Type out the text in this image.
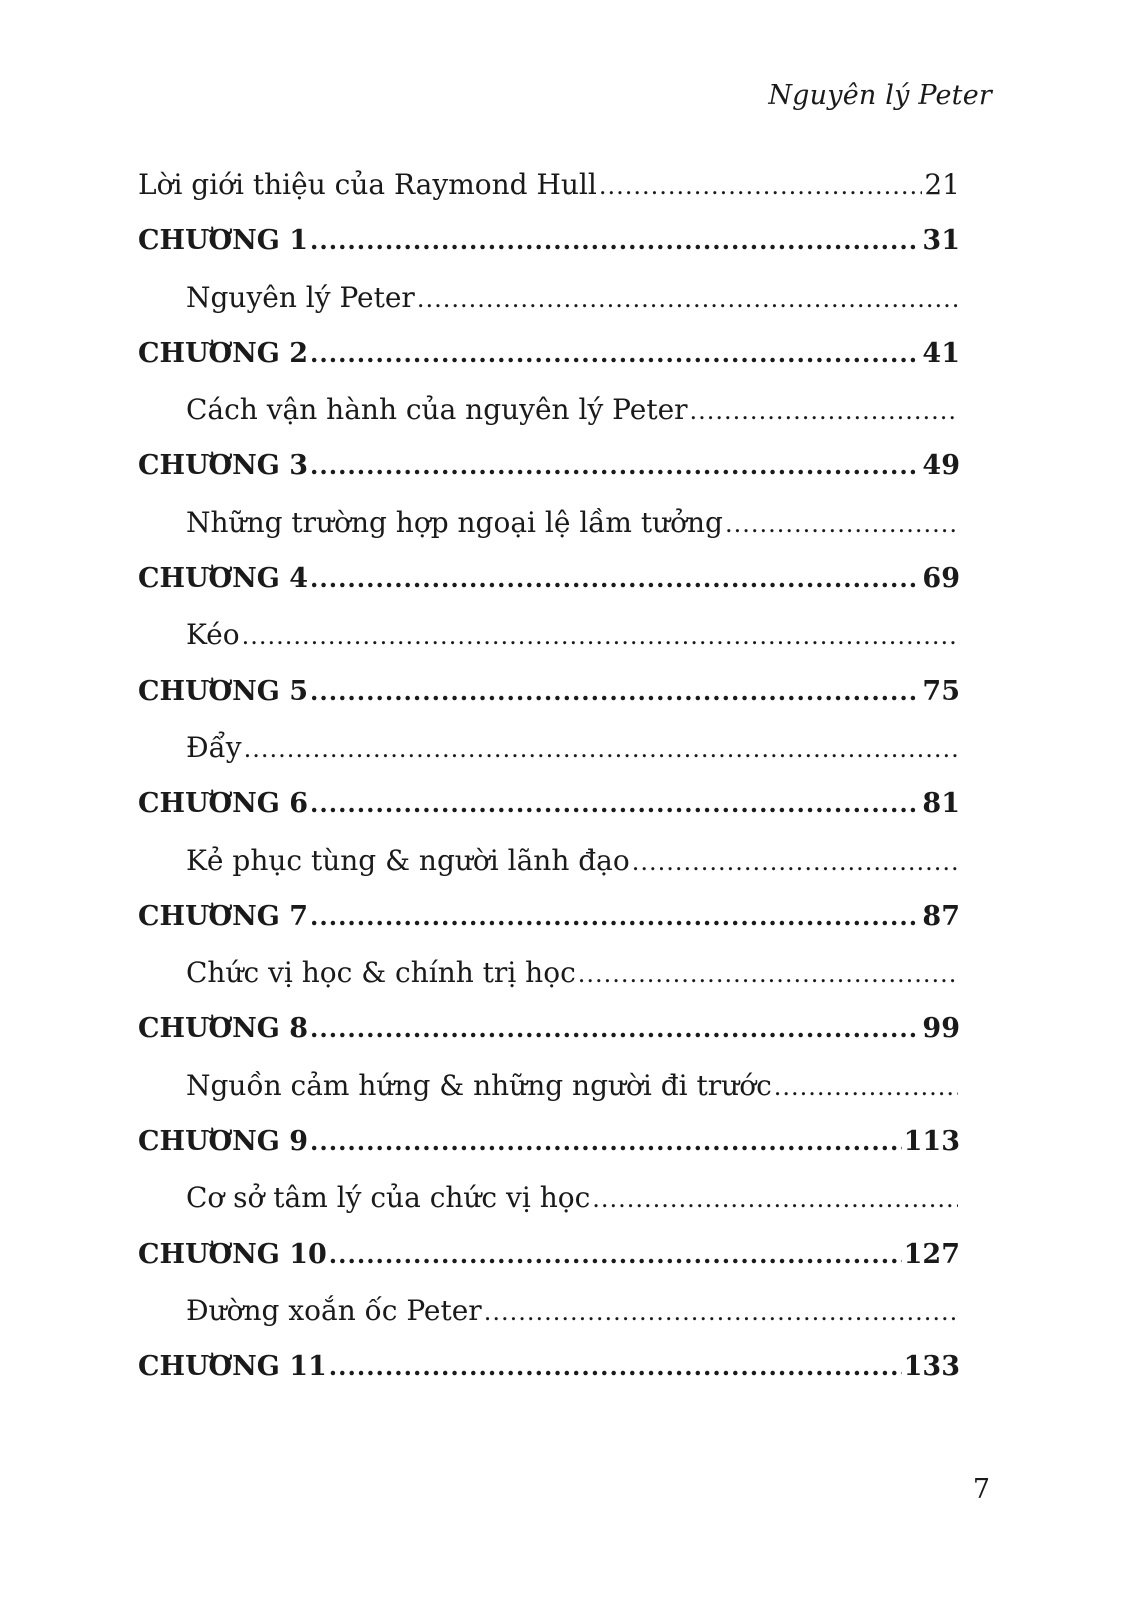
Nguyên lý Peter
Lời giới thiệu của Raymond Hull	21
CHƯƠNG 1	31
Nguyên lý Peter
CHƯƠNG 2	41
Cách vận hành của nguyên lý Peter
CHƯƠNG 3	49
Những trường hợp ngoại lệ lầm tưởng
CHƯƠNG 4	69
Kéo
CHƯƠNG 5	75
Đẩy
CHƯƠNG 6	81
Kẻ phục tùng & người lãnh đạo
CHƯƠNG 7	87
Chức vị học & chính trị học
CHƯƠNG 8	99
Nguồn cảm hứng & những người đi trước
CHƯƠNG 9	113
Cơ sở tâm lý của chức vị học
CHƯƠNG 10	127
Đường xoắn ốc Peter
CHƯƠNG 11	133
7
